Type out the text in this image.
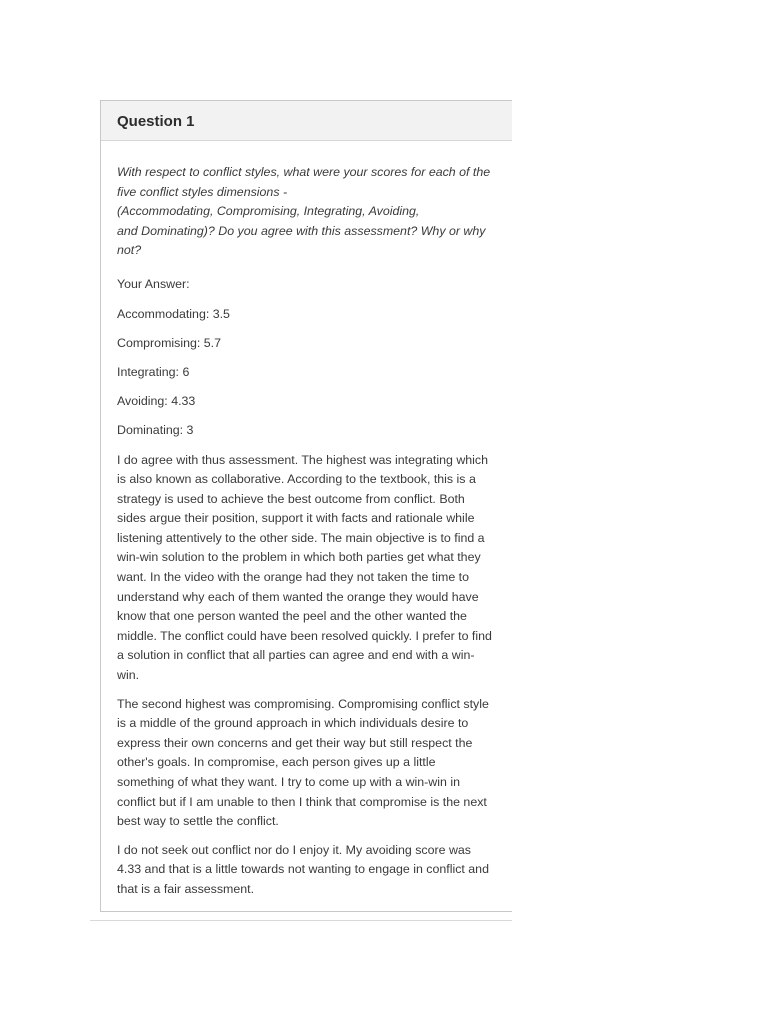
Question 1

With respect to conflict styles, what were your scores for each of the
five conflict styles dimensions -
(Accommodating, Compromising, Integrating, Avoiding,
and Dominating)? Do you agree with this assessment? Why or why
not?

Your Answer:

Accommodating: 3.5

Compromising: 5.7

Integrating: 6

Avoiding: 4.33

Dominating: 3

I do agree with thus assessment. The highest was integrating which is also known as collaborative. According to the textbook, this is a strategy is used to achieve the best outcome from conflict. Both sides argue their position, support it with facts and rationale while listening attentively to the other side. The main objective is to find a win-win solution to the problem in which both parties get what they want. In the video with the orange had they not taken the time to understand why each of them wanted the orange they would have know that one person wanted the peel and the other wanted the middle. The conflict could have been resolved quickly. I prefer to find a solution in conflict that all parties can agree and end with a win-win.

The second highest was compromising. Compromising conflict style is a middle of the ground approach in which individuals desire to express their own concerns and get their way but still respect the other's goals. In compromise, each person gives up a little something of what they want. I try to come up with a win-win in conflict but if I am unable to then I think that compromise is the next best way to settle the conflict.

I do not seek out conflict nor do I enjoy it. My avoiding score was 4.33 and that is a little towards not wanting to engage in conflict and that is a fair assessment.
